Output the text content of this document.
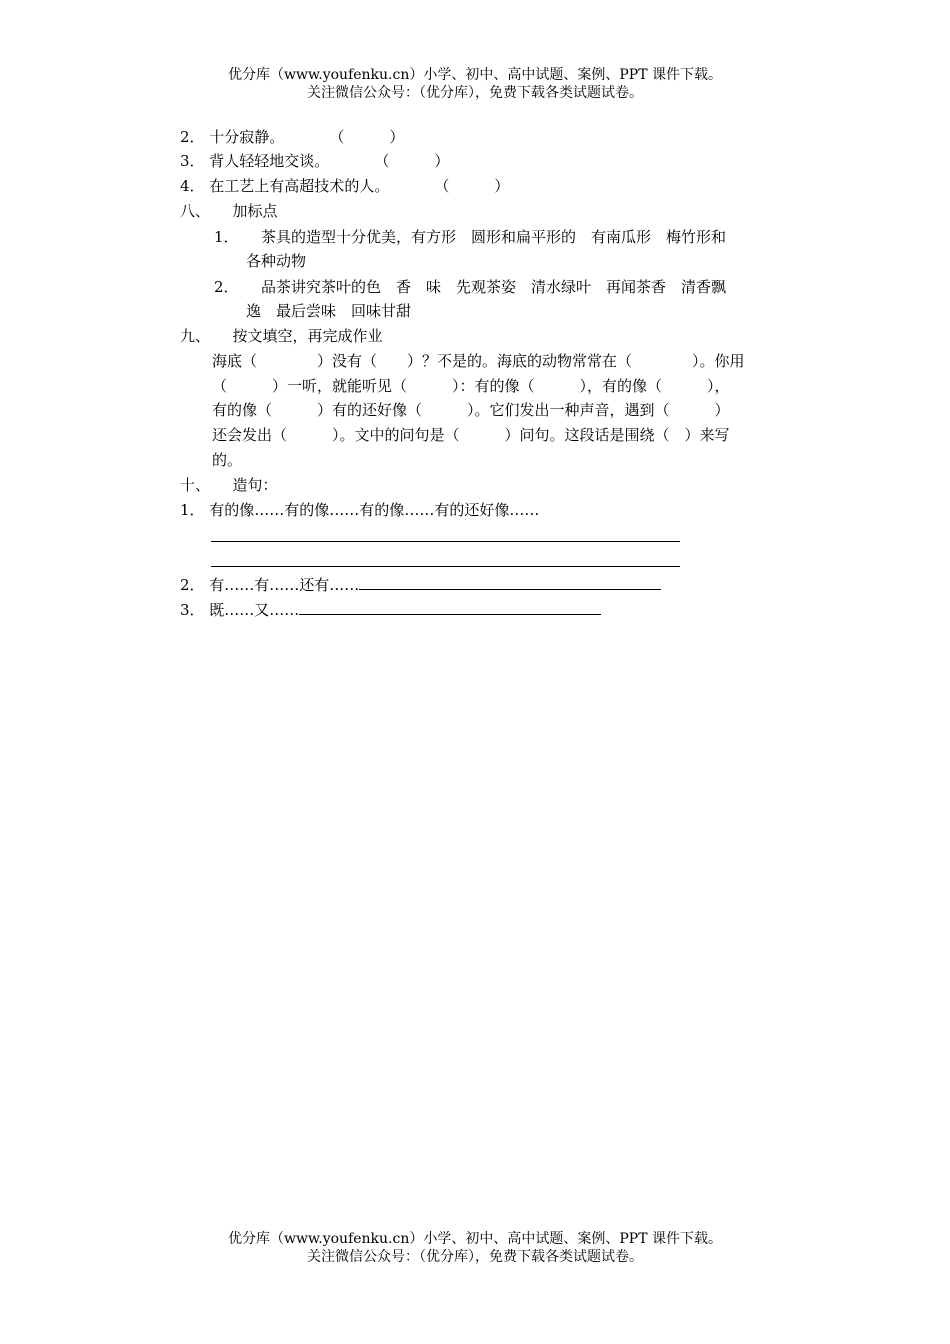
优分库（www.youfenku.cn）小学、初中、高中试题、案例、PPT 课件下载。
关注微信公众号：（优分库），免费下载各类试题试卷。
2． 十分寂静。　　　　（　　　）
3． 背人轻轻地交谈。　　　　（　　　）
4． 在工艺上有高超技术的人。　　　　（　　　）
八、　　加标点
1．　　茶具的造型十分优美，有方形　圆形和扁平形的　有南瓜形　梅竹形和
各种动物
2．　　品茶讲究茶叶的色　香　味　先观茶姿　清水绿叶　再闻茶香　清香飘
逸　最后尝味　回味甘甜
九、　　按文填空，再完成作业
海底（　　　　）没有（　　）？不是的。海底的动物常常在（　　　　）。你用
（　　　）一听，就能听见（　　　）：有的像（　　　），有的像（　　　），
有的像（　　　）有的还好像（　　　）。它们发出一种声音，遇到（　　　）
还会发出（　　　）。文中的问句是（　　　）问句。这段话是围绕（　）来写
的。
十、　　造句：
1． 有的像……有的像……有的像……有的还好像……
2． 有……有……还有……
3． 既……又……
优分库（www.youfenku.cn）小学、初中、高中试题、案例、PPT 课件下载。
关注微信公众号：（优分库），免费下载各类试题试卷。
